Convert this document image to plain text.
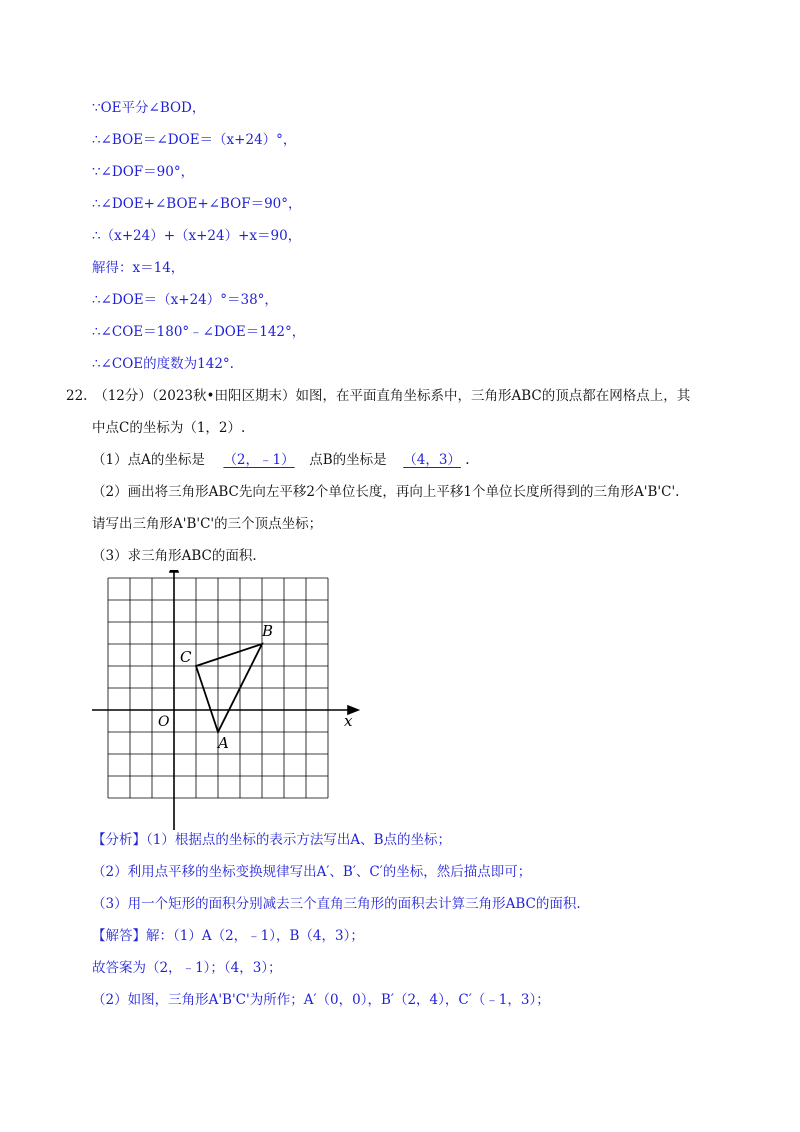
∵OE平分∠BOD，
∴∠BOE＝∠DOE＝（x+24）°，
∵∠DOF＝90°，
∴∠DOE+∠BOE+∠BOF＝90°，
∴（x+24）+（x+24）+x＝90，
解得：x＝14，
∴∠DOE＝（x+24）°＝38°，
∴∠COE＝180°﹣∠DOE＝142°，
∴∠COE的度数为142°.
22.　（12分）（2023秋•田阳区期末）如图，在平面直角坐标系中，三角形ABC的顶点都在网格点上，其
中点C的坐标为（1，2）.
（1）点A的坐标是 （2，﹣1） 点B的坐标是 （4，3） .
（2）画出将三角形ABC先向左平移2个单位长度，再向上平移1个单位长度所得到的三角形A'B'C'.
请写出三角形A'B'C'的三个顶点坐标；
（3）求三角形ABC的面积.
x
O
A
B
C
【分析】（1）根据点的坐标的表示方法写出A、B点的坐标；
（2）利用点平移的坐标变换规律写出A′、B′、C′的坐标，然后描点即可；
（3）用一个矩形的面积分别减去三个直角三角形的面积去计算三角形ABC的面积.
【解答】解：（1）A（2，﹣1），B（4，3）；
故答案为（2，﹣1）；（4，3）；
（2）如图，三角形A'B'C'为所作；A′（0，0），B′（2，4），C′（﹣1，3）；
